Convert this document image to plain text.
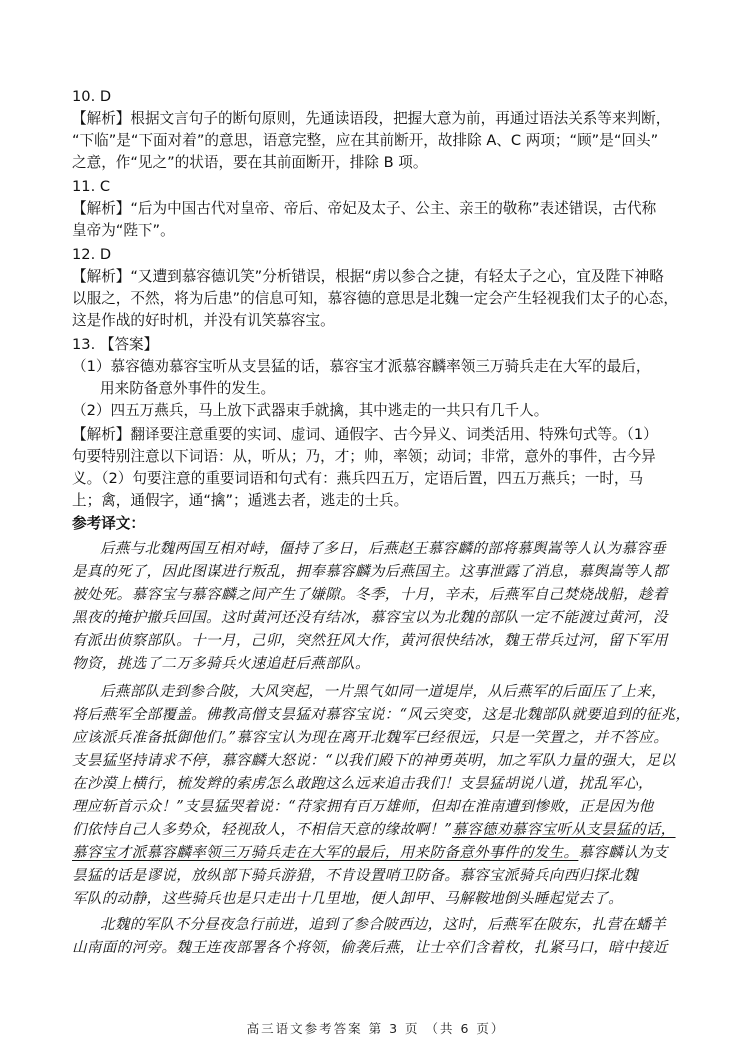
10. D
【解析】根据文言句子的断句原则，先通读语段，把握大意为前，再通过语法关系等来判断，
“下临”是“下面对着”的意思，语意完整，应在其前断开，故排除 A、C 两项；“顾”是“回头”
之意，作“见之”的状语，要在其前面断开，排除 B 项。
11. C
【解析】“后为中国古代对皇帝、帝后、帝妃及太子、公主、亲王的敬称”表述错误，古代称
皇帝为“陛下”。
12. D
【解析】“又遭到慕容德讥笑”分析错误，根据“虏以参合之捷，有轻太子之心，宜及陛下神略
以服之，不然，将为后患”的信息可知，慕容德的意思是北魏一定会产生轻视我们太子的心态，
这是作战的好时机，并没有讥笑慕容宝。
13. 【答案】
（1）慕容德劝慕容宝听从支昙猛的话，慕容宝才派慕容麟率领三万骑兵走在大军的最后，
用来防备意外事件的发生。
（2）四五万燕兵，马上放下武器束手就擒，其中逃走的一共只有几千人。
【解析】翻译要注意重要的实词、虚词、通假字、古今异义、词类活用、特殊句式等。（1）
句要特别注意以下词语：从，听从；乃，才；帅，率领；动词；非常，意外的事件，古今异
义。（2）句要注意的重要词语和句式有：燕兵四五万，定语后置，四五万燕兵；一时，马
上；禽，通假字，通“擒”；遁逃去者，逃走的士兵。
参考译文：
后燕与北魏两国互相对峙，僵持了多日，后燕赵王慕容麟的部将慕舆嵩等人认为慕容垂
是真的死了，因此图谋进行叛乱，拥奉慕容麟为后燕国主。这事泄露了消息，慕舆嵩等人都
被处死。慕容宝与慕容麟之间产生了嫌隙。冬季，十月，辛未，后燕军自己焚烧战船，趁着
黑夜的掩护撤兵回国。这时黄河还没有结冰，慕容宝以为北魏的部队一定不能渡过黄河，没
有派出侦察部队。十一月，己卯，突然狂风大作，黄河很快结冰，魏王带兵过河，留下军用
物资，挑选了二万多骑兵火速追赶后燕部队。
后燕部队走到参合陂，大风突起，一片黑气如同一道堤岸，从后燕军的后面压了上来，
将后燕军全部覆盖。佛教高僧支昙猛对慕容宝说：“风云突变，这是北魏部队就要追到的征兆，
应该派兵准备抵御他们。”慕容宝认为现在离开北魏军已经很远，只是一笑置之，并不答应。
支昙猛坚持请求不停，慕容麟大怒说：“以我们殿下的神勇英明，加之军队力量的强大，足以
在沙漠上横行，梳发辫的索虏怎么敢跑这么远来追击我们！支昙猛胡说八道，扰乱军心，
理应斩首示众！”支昙猛哭着说：“苻家拥有百万雄师，但却在淮南遭到惨败，正是因为他
们依恃自己人多势众，轻视敌人，不相信天意的缘故啊！”慕容德劝慕容宝听从支昙猛的话，
慕容宝才派慕容麟率领三万骑兵走在大军的最后，用来防备意外事件的发生。慕容麟认为支
昙猛的话是谬说，放纵部下骑兵游猎，不肯设置哨卫防备。慕容宝派骑兵向西归探北魏
军队的动静，这些骑兵也是只走出十几里地，便人卸甲、马解鞍地倒头睡起觉去了。
北魏的军队不分昼夜急行前进，追到了参合陂西边，这时，后燕军在陂东，扎营在蟠羊
山南面的河旁。魏王连夜部署各个将领，偷袭后燕，让士卒们含着枚，扎紧马口，暗中接近
高三语文参考答案 第 3 页 （共 6 页）
